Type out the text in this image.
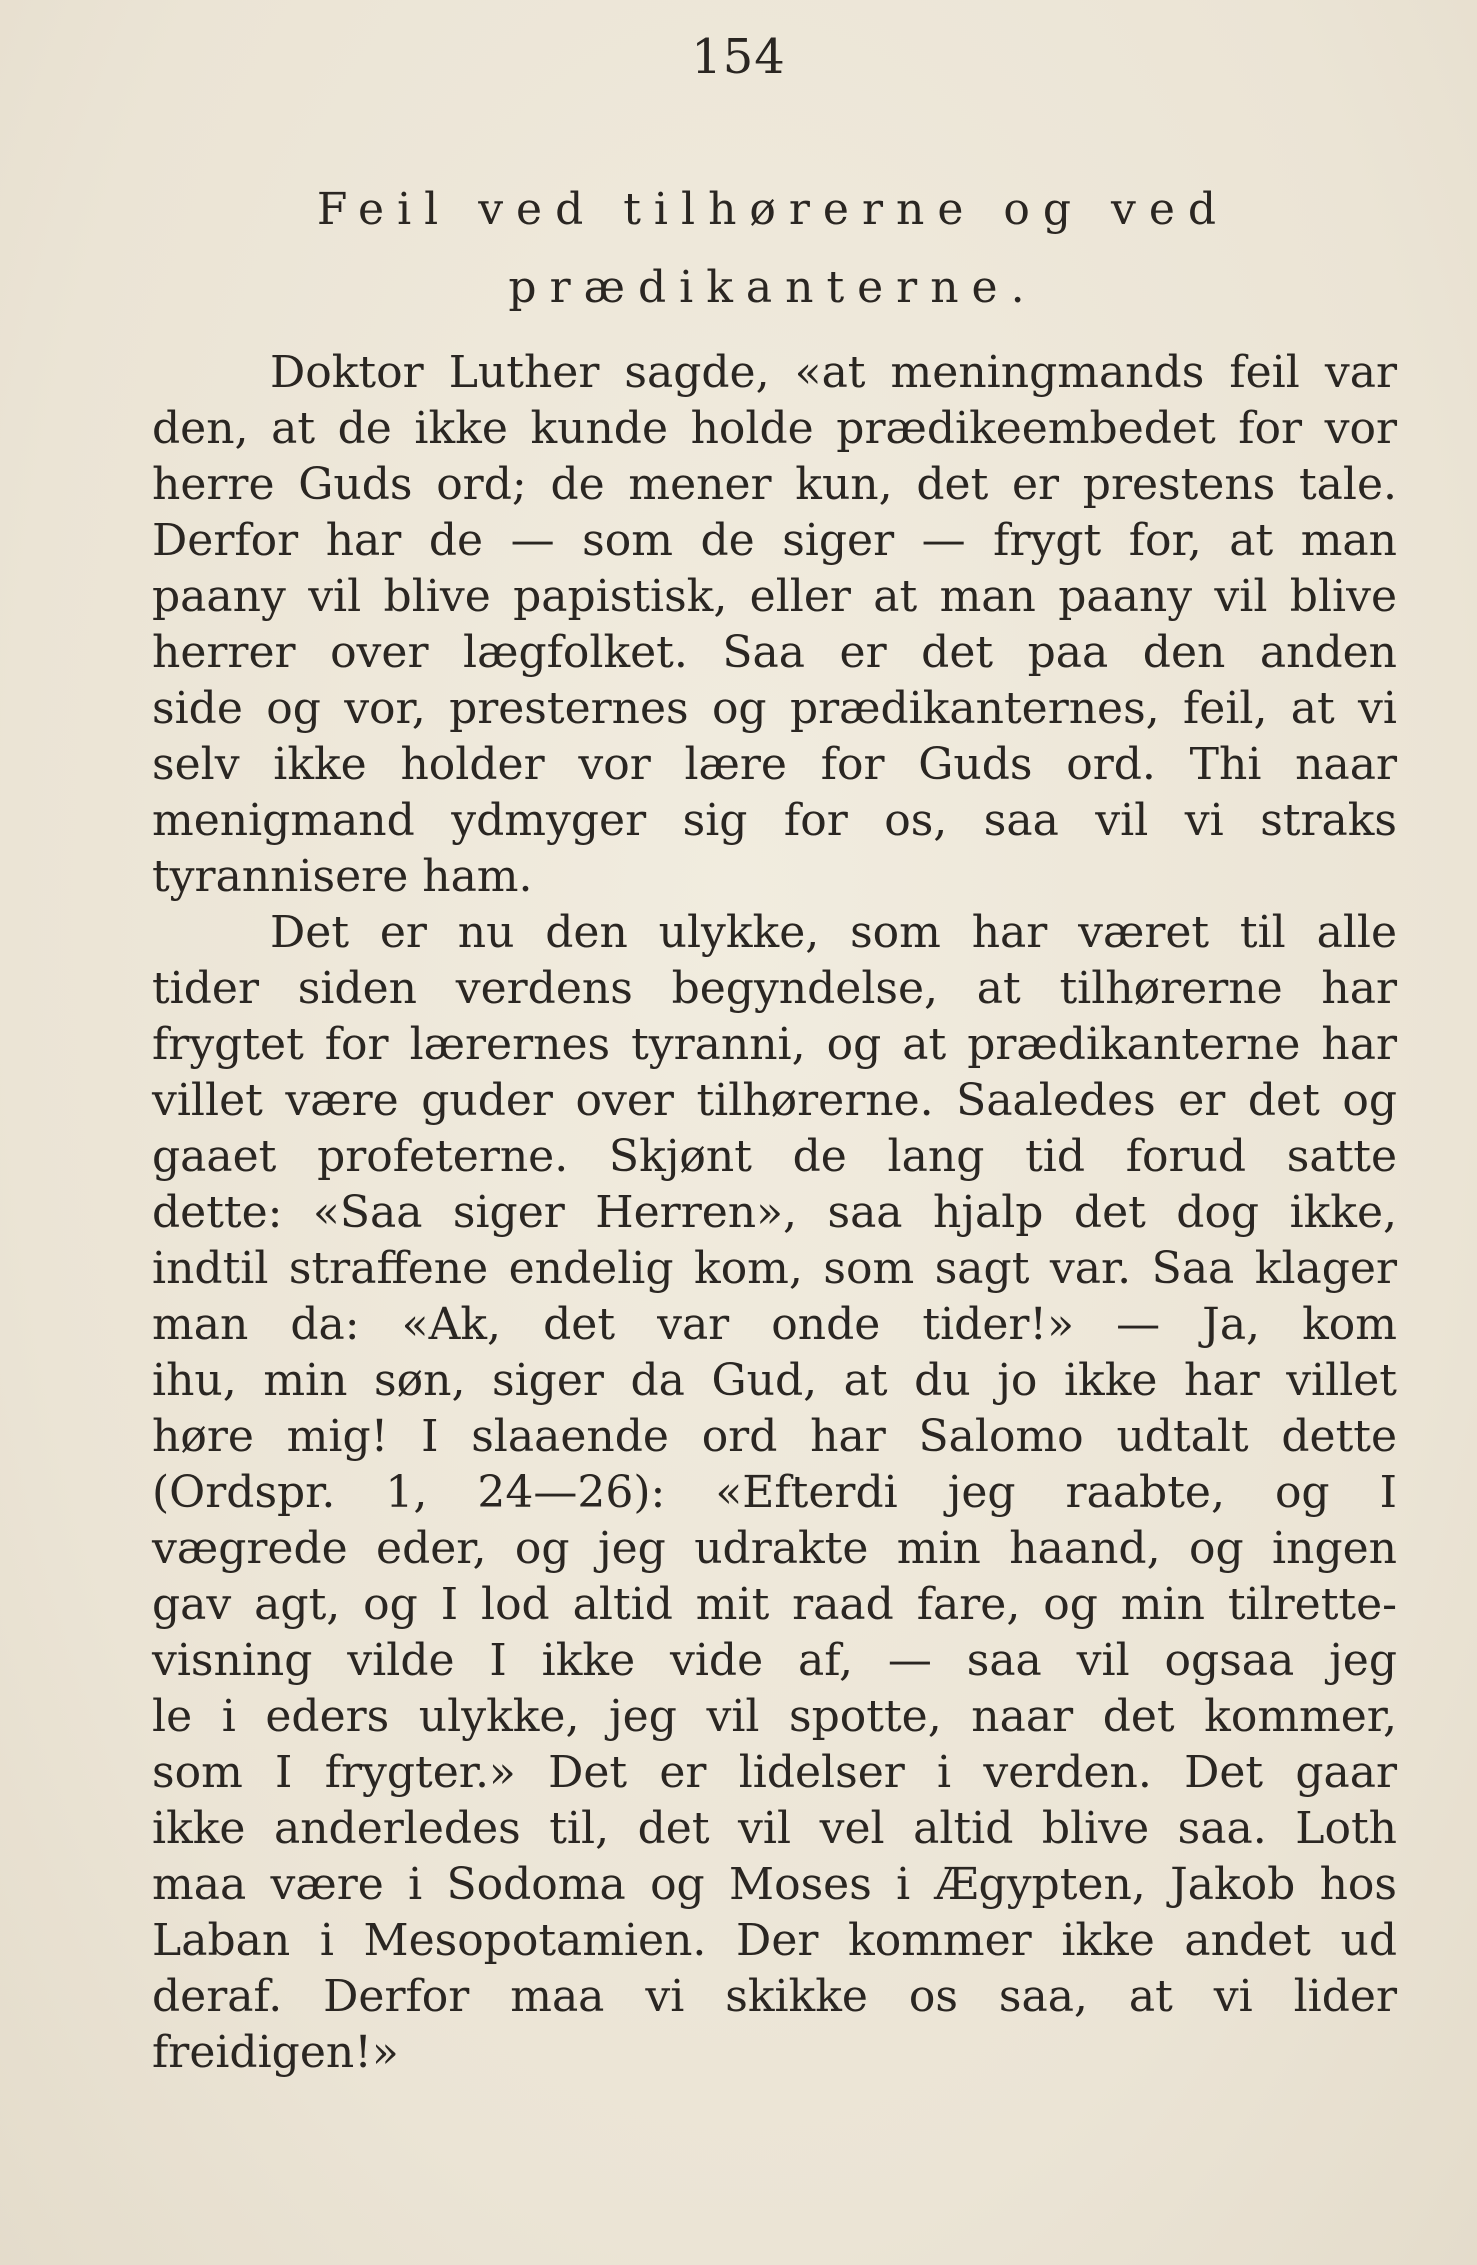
154
Feil ved tilhørerne og ved
prædikanterne.
Doktor Luther sagde, «at meningmands feil var
den, at de ikke kunde holde prædikeembedet for vor
herre Guds ord; de mener kun, det er prestens tale.
Derfor har de — som de siger — frygt for, at man
paany vil blive papistisk, eller at man paany vil blive
herrer over lægfolket. Saa er det paa den anden
side og vor, presternes og prædikanternes, feil, at vi
selv ikke holder vor lære for Guds ord. Thi naar
menigmand ydmyger sig for os, saa vil vi straks
tyrannisere ham.
Det er nu den ulykke, som har været til alle
tider siden verdens begyndelse, at tilhørerne har
frygtet for lærernes tyranni, og at prædikanterne har
villet være guder over tilhørerne. Saaledes er det og
gaaet profeterne. Skjønt de lang tid forud satte
dette: «Saa siger Herren», saa hjalp det dog ikke,
indtil straffene endelig kom, som sagt var. Saa klager
man da: «Ak, det var onde tider!» — Ja, kom
ihu, min søn, siger da Gud, at du jo ikke har villet
høre mig! I slaaende ord har Salomo udtalt dette
(Ordspr. 1, 24—26): «Efterdi jeg raabte, og I
vægrede eder, og jeg udrakte min haand, og ingen
gav agt, og I lod altid mit raad fare, og min tilrette-
visning vilde I ikke vide af, — saa vil ogsaa jeg
le i eders ulykke, jeg vil spotte, naar det kommer,
som I frygter.» Det er lidelser i verden. Det gaar
ikke anderledes til, det vil vel altid blive saa. Loth
maa være i Sodoma og Moses i Ægypten, Jakob hos
Laban i Mesopotamien. Der kommer ikke andet ud
deraf. Derfor maa vi skikke os saa, at vi lider
freidigen!»
